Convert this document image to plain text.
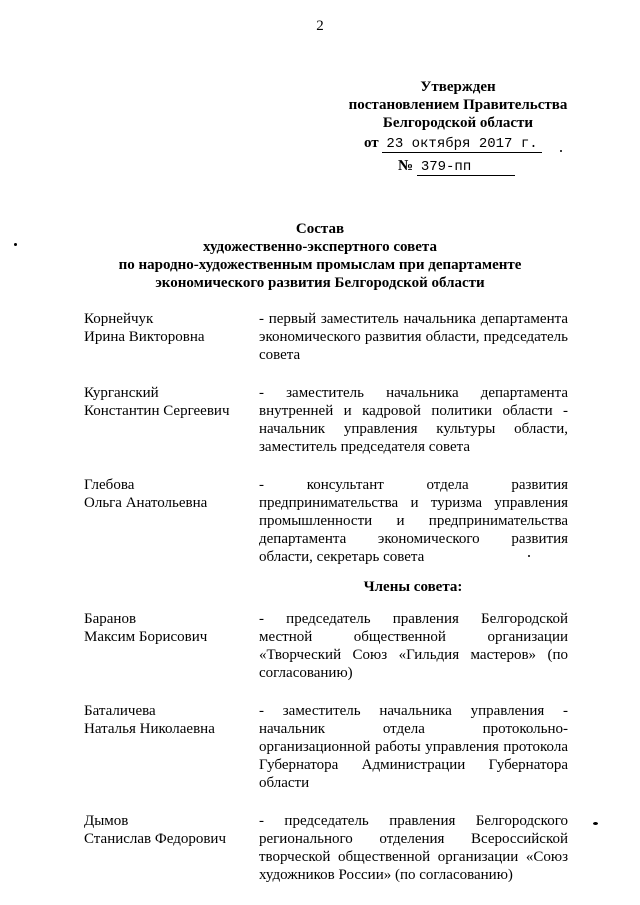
2
Утвержден
постановлением Правительства
Белгородской области
от 23 октября 2017 г.
№ 379-пп
Состав
художественно-экспертного совета
по народно-художественным промыслам при департаменте
экономического развития Белгородской области
Корнейчук
Ирина Викторовна
- первый заместитель начальника департамента экономического развития области, председатель совета
Курганский
Константин Сергеевич
- заместитель начальника департамента внутренней и кадровой политики области - начальник управления культуры области, заместитель председателя совета
Глебова
Ольга Анатольевна
- консультант отдела развития предпринимательства и туризма управления промышленности и предпринимательства департамента экономического развития области, секретарь совета
Члены совета:
Баранов
Максим Борисович
- председатель правления Белгородской местной общественной организации «Творческий Союз «Гильдия мастеров» (по согласованию)
Баталичева
Наталья Николаевна
- заместитель начальника управления - начальник отдела протокольно-организационной работы управления протокола Губернатора Администрации Губернатора области
Дымов
Станислав Федорович
- председатель правления Белгородского регионального отделения Всероссийской творческой общественной организации «Союз художников России» (по согласованию)
